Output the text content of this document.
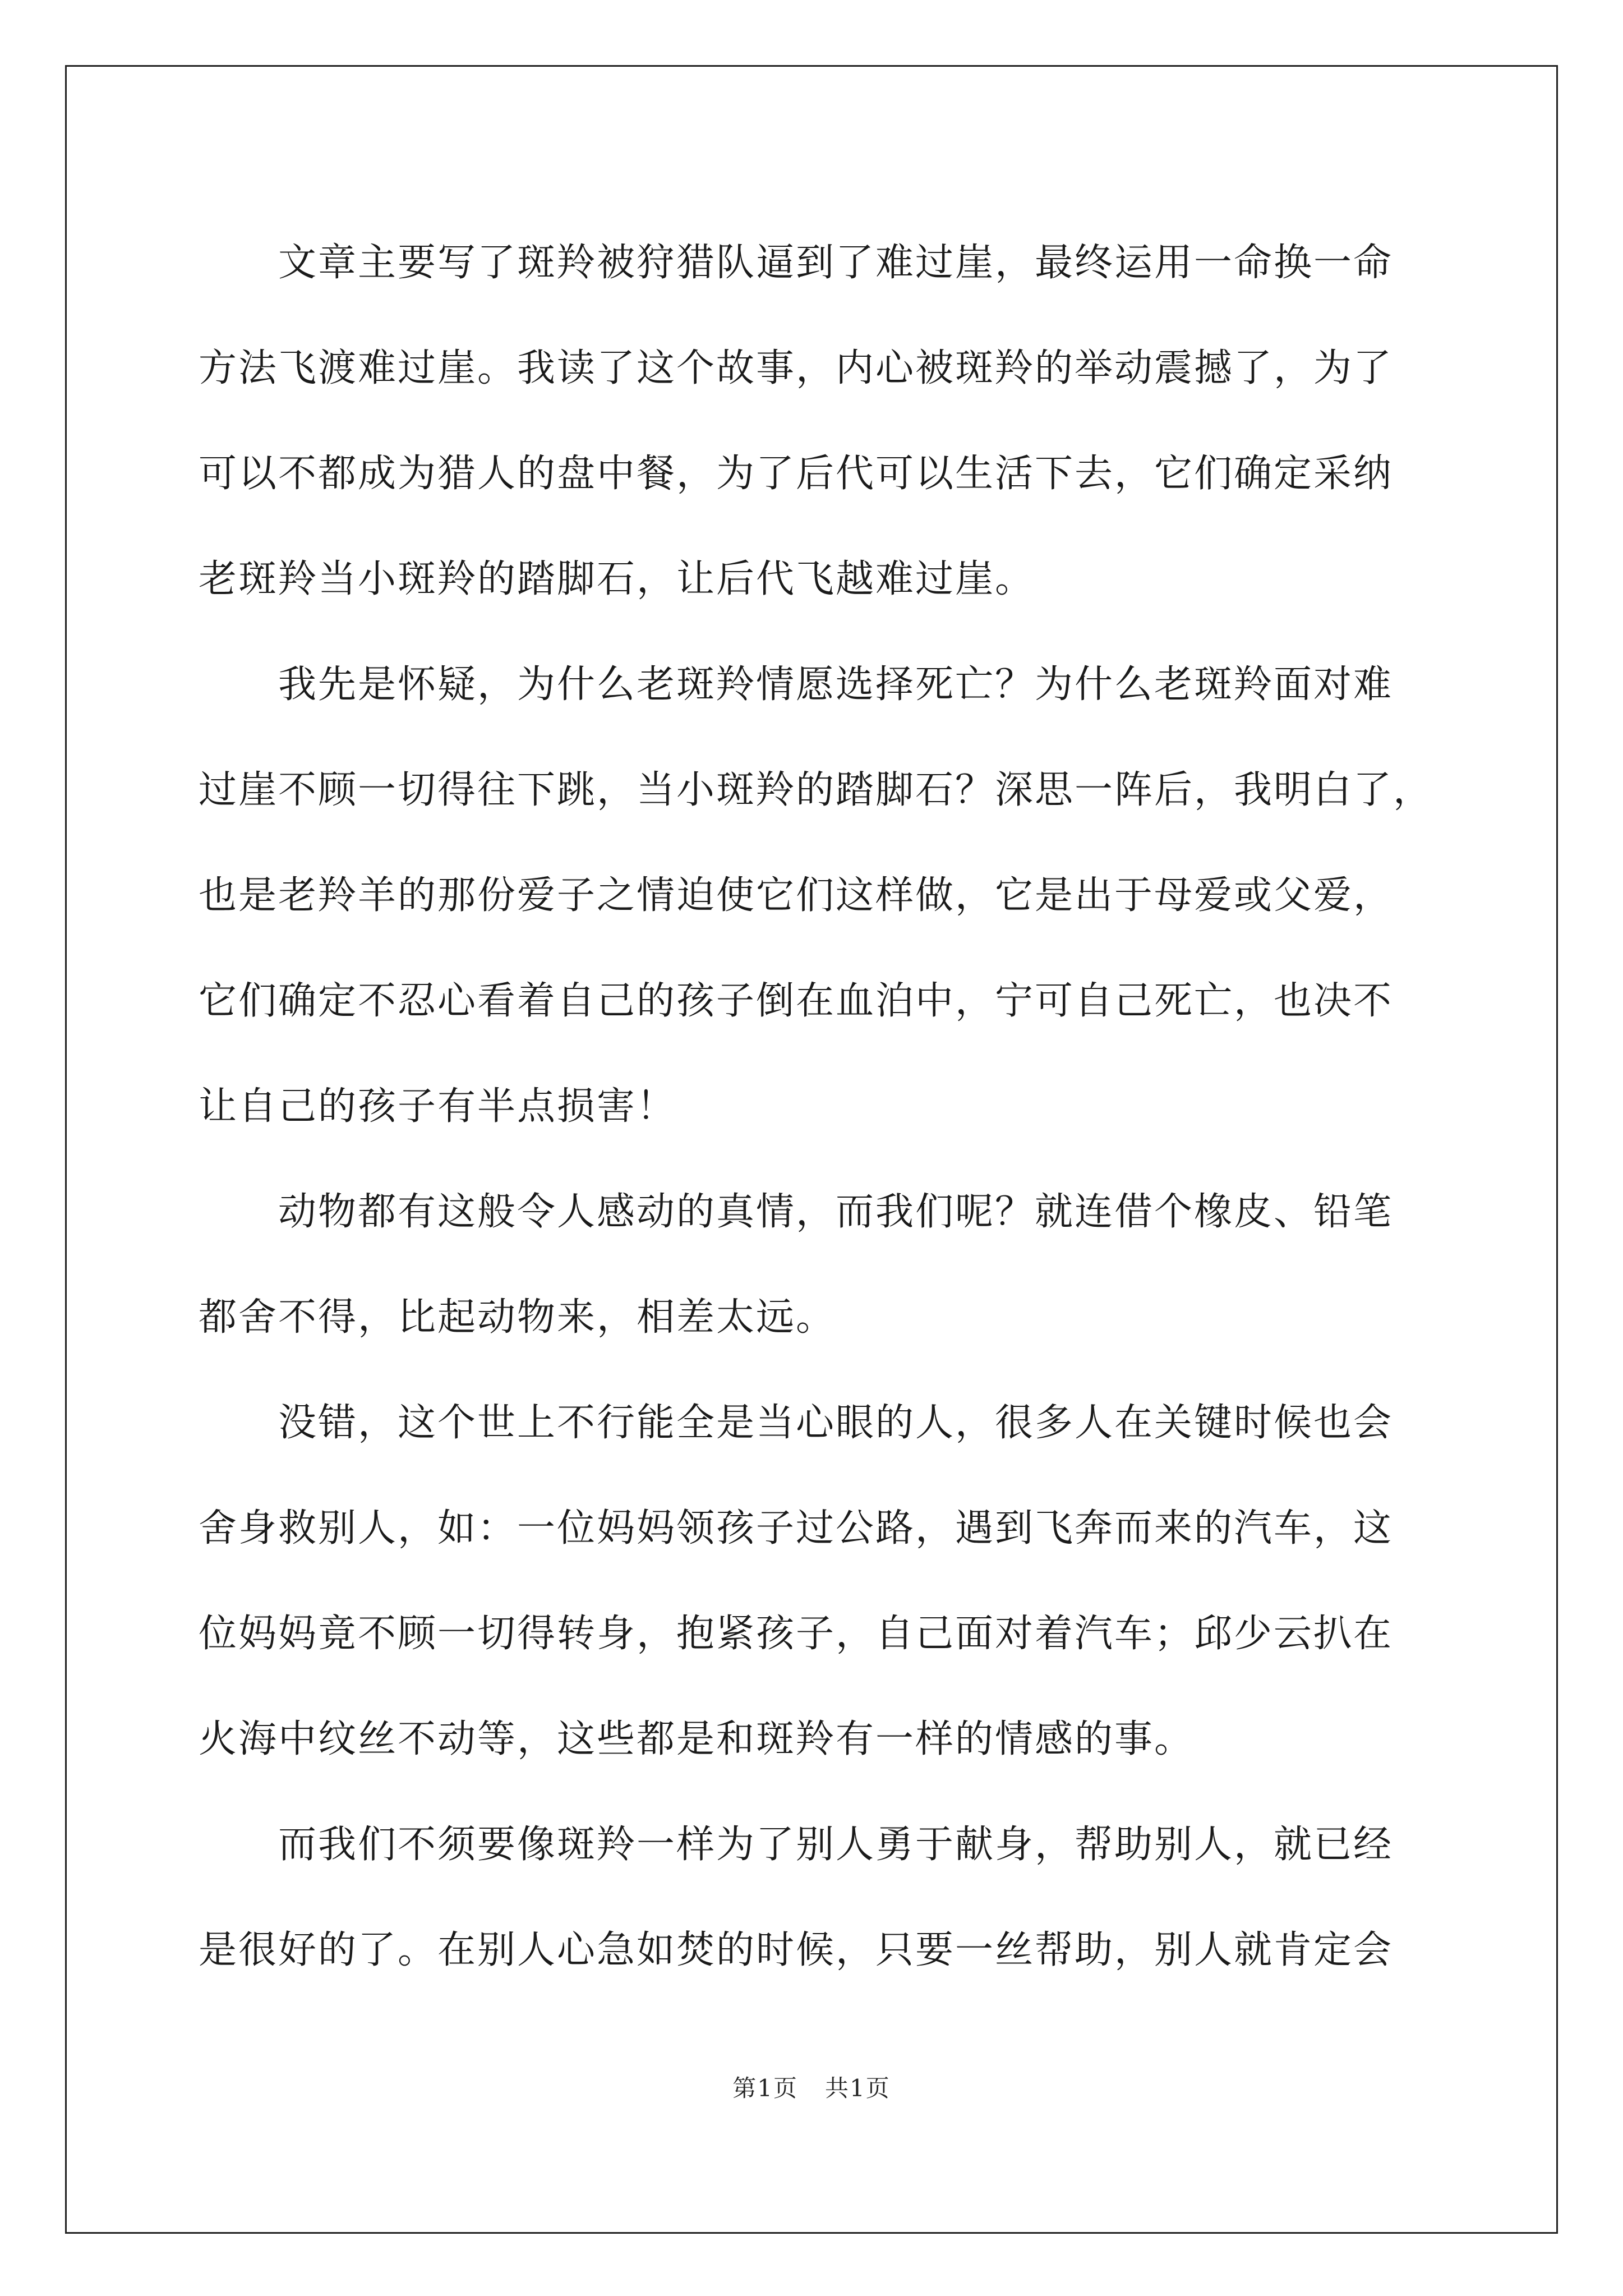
文章主要写了斑羚被狩猎队逼到了难过崖，最终运用一命换一命
方法飞渡难过崖。我读了这个故事，内心被斑羚的举动震撼了，为了
可以不都成为猎人的盘中餐，为了后代可以生活下去，它们确定采纳
老斑羚当小斑羚的踏脚石，让后代飞越难过崖。
我先是怀疑，为什么老斑羚情愿选择死亡？为什么老斑羚面对难
过崖不顾一切得往下跳，当小斑羚的踏脚石？深思一阵后，我明白了，
也是老羚羊的那份爱子之情迫使它们这样做，它是出于母爱或父爱，
它们确定不忍心看着自己的孩子倒在血泊中，宁可自己死亡，也决不
让自己的孩子有半点损害！
动物都有这般令人感动的真情，而我们呢？就连借个橡皮、铅笔
都舍不得，比起动物来，相差太远。
没错，这个世上不行能全是当心眼的人，很多人在关键时候也会
舍身救别人，如：一位妈妈领孩子过公路，遇到飞奔而来的汽车，这
位妈妈竟不顾一切得转身，抱紧孩子，自己面对着汽车；邱少云扒在
火海中纹丝不动等，这些都是和斑羚有一样的情感的事。
而我们不须要像斑羚一样为了别人勇于献身，帮助别人，就已经
是很好的了。在别人心急如焚的时候，只要一丝帮助，别人就肯定会
第1页 共1页
